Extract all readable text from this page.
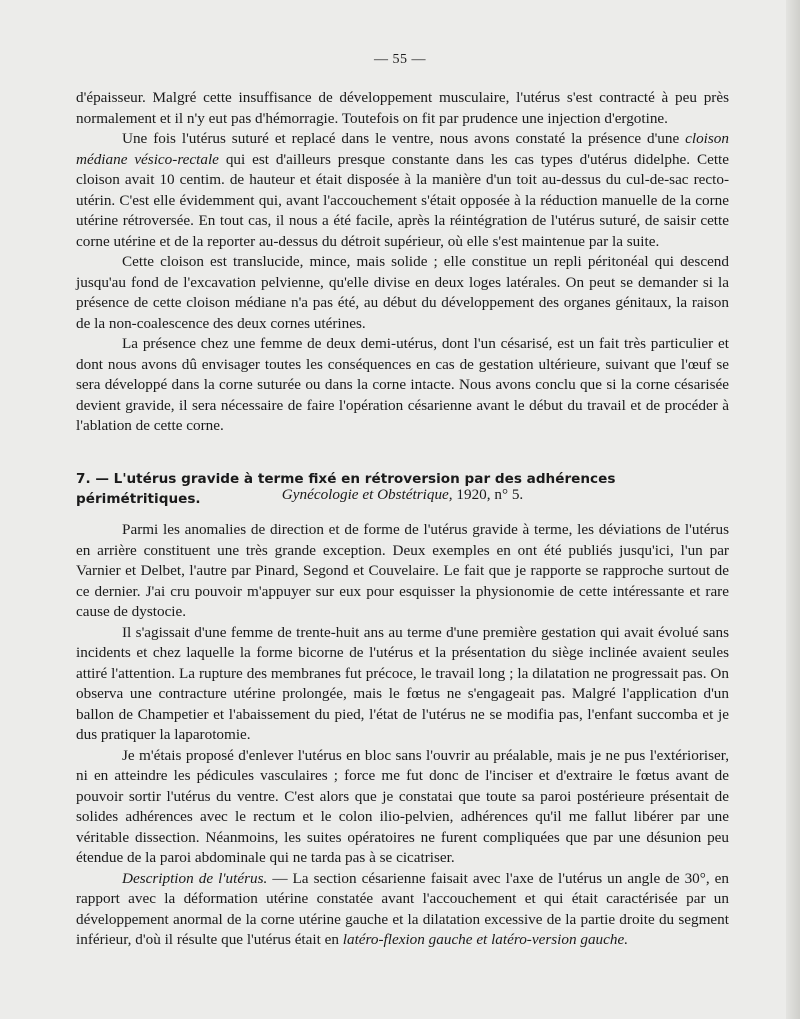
— 55 —

d'épaisseur. Malgré cette insuffisance de développement musculaire, l'utérus s'est contracté à peu près normalement et il n'y eut pas d'hémorragie. Toutefois on fit par prudence une injection d'ergotine.

Une fois l'utérus suturé et replacé dans le ventre, nous avons constaté la présence d'une cloison médiane vésico-rectale qui est d'ailleurs presque constante dans les cas types d'utérus didelphe. Cette cloison avait 10 centim. de hauteur et était disposée à la manière d'un toit au-dessus du cul-de-sac recto-utérin. C'est elle évidemment qui, avant l'accouchement s'était opposée à la réduction manuelle de la corne utérine rétroversée. En tout cas, il nous a été facile, après la réintégration de l'utérus suturé, de saisir cette corne utérine et de la reporter au-dessus du détroit supérieur, où elle s'est maintenue par la suite.

Cette cloison est translucide, mince, mais solide ; elle constitue un repli péritonéal qui descend jusqu'au fond de l'excavation pelvienne, qu'elle divise en deux loges latérales. On peut se demander si la présence de cette cloison médiane n'a pas été, au début du développement des organes génitaux, la raison de la non-coalescence des deux cornes utérines.

La présence chez une femme de deux demi-utérus, dont l'un césarisé, est un fait très particulier et dont nous avons dû envisager toutes les conséquences en cas de gestation ultérieure, suivant que l'œuf se sera développé dans la corne suturée ou dans la corne intacte. Nous avons conclu que si la corne césarisée devient gravide, il sera nécessaire de faire l'opération césarienne avant le début du travail et de procéder à l'ablation de cette corne.

7. — L'utérus gravide à terme fixé en rétroversion par des adhérences périmétritiques.	Gynécologie et Obstétrique, 1920, n° 5.

Parmi les anomalies de direction et de forme de l'utérus gravide à terme, les déviations de l'utérus en arrière constituent une très grande exception. Deux exemples en ont été publiés jusqu'ici, l'un par Varnier et Delbet, l'autre par Pinard, Segond et Couvelaire. Le fait que je rapporte se rapproche surtout de ce dernier. J'ai cru pouvoir m'appuyer sur eux pour esquisser la physionomie de cette intéressante et rare cause de dystocie.

Il s'agissait d'une femme de trente-huit ans au terme d'une première gestation qui avait évolué sans incidents et chez laquelle la forme bicorne de l'utérus et la présentation du siège inclinée avaient seules attiré l'attention. La rupture des membranes fut précoce, le travail long ; la dilatation ne progressait pas. On observa une contracture utérine prolongée, mais le fœtus ne s'engageait pas. Malgré l'application d'un ballon de Champetier et l'abaissement du pied, l'état de l'utérus ne se modifia pas, l'enfant succomba et je dus pratiquer la laparotomie.

Je m'étais proposé d'enlever l'utérus en bloc sans l'ouvrir au préalable, mais je ne pus l'extérioriser, ni en atteindre les pédicules vasculaires ; force me fut donc de l'inciser et d'extraire le fœtus avant de pouvoir sortir l'utérus du ventre. C'est alors que je constatai que toute sa paroi postérieure présentait de solides adhérences avec le rectum et le colon ilio-pelvien, adhérences qu'il me fallut libérer par une véritable dissection. Néanmoins, les suites opératoires ne furent compliquées que par une désunion peu étendue de la paroi abdominale qui ne tarda pas à se cicatriser.

Description de l'utérus. — La section césarienne faisait avec l'axe de l'utérus un angle de 30°, en rapport avec la déformation utérine constatée avant l'accouchement et qui était caractérisée par un développement anormal de la corne utérine gauche et la dilatation excessive de la partie droite du segment inférieur, d'où il résulte que l'utérus était en latéro-flexion gauche et latéro-version gauche.
